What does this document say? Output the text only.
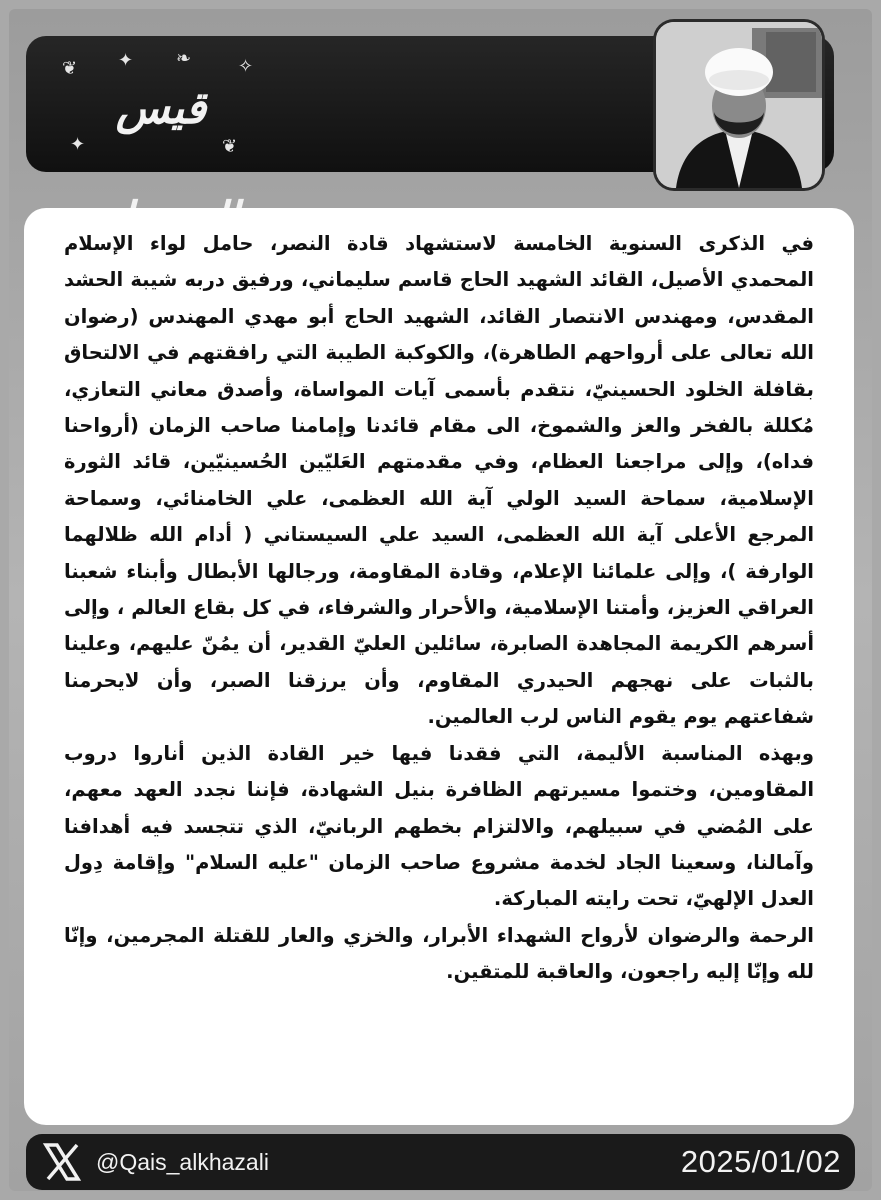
❦ ✦ ❧	✧
✦	❦
قيس

في الذكرى السنوية الخامسة لاستشهاد قادة النصر، حامل لواء الإسلام المحمدي الأصيل، القائد الشهيد الحاج قاسم سليماني، ورفيق دربه شيبة الحشد المقدس، ومهندس الانتصار القائد، الشهيد الحاج أبو مهدي المهندس (رضوان الله تعالى على أرواحهم الطاهرة)، والكوكبة الطيبة التي رافقتهم في الالتحاق بقافلة الخلود الحسينيّ، نتقدم بأسمى آيات المواساة، وأصدق معاني التعازي، مُكللة بالفخر والعز والشموخ، الى مقام قائدنا وإمامنا صاحب الزمان (أرواحنا فداه)، وإلى مراجعنا العظام، وفي مقدمتهم العَليّين الحُسينيّين، قائد الثورة الإسلامية، سماحة السيد الولي آية الله العظمى، علي الخامنائي، وسماحة المرجع الأعلى آية الله العظمى، السيد علي السيستاني ( أدام الله ظلالهما الوارفة )، وإلى علمائنا الإعلام، وقادة المقاومة، ورجالها الأبطال وأبناء شعبنا العراقي العزيز، وأمتنا الإسلامية، والأحرار والشرفاء، في كل بقاع العالم ، وإلى أسرهم الكريمة المجاهدة الصابرة، سائلين العليّ القدير، أن يمُنّ عليهم، وعلينا بالثبات على نهجهم الحيدري المقاوم، وأن يرزقنا الصبر، وأن لايحرمنا شفاعتهم يوم يقوم الناس لرب العالمين.

وبهذه المناسبة الأليمة، التي فقدنا فيها خير القادة الذين أناروا دروب المقاومين، وختموا مسيرتهم الظافرة بنيل الشهادة، فإننا نجدد العهد معهم، على المُضي في سبيلهم، والالتزام بخطهم الربانيّ، الذي تتجسد فيه أهدافنا وآمالنا، وسعينا الجاد لخدمة مشروع صاحب الزمان "عليه السلام" وإقامة دِول العدل الإلهيّ، تحت رايته المباركة.

الرحمة والرضوان لأرواح الشهداء الأبرار، والخزي والعار للقتلة المجرمين، وإنّا لله وإنّا إليه راجعون، والعاقبة للمتقين.

@Qais_alkhazali	2025/01/02
